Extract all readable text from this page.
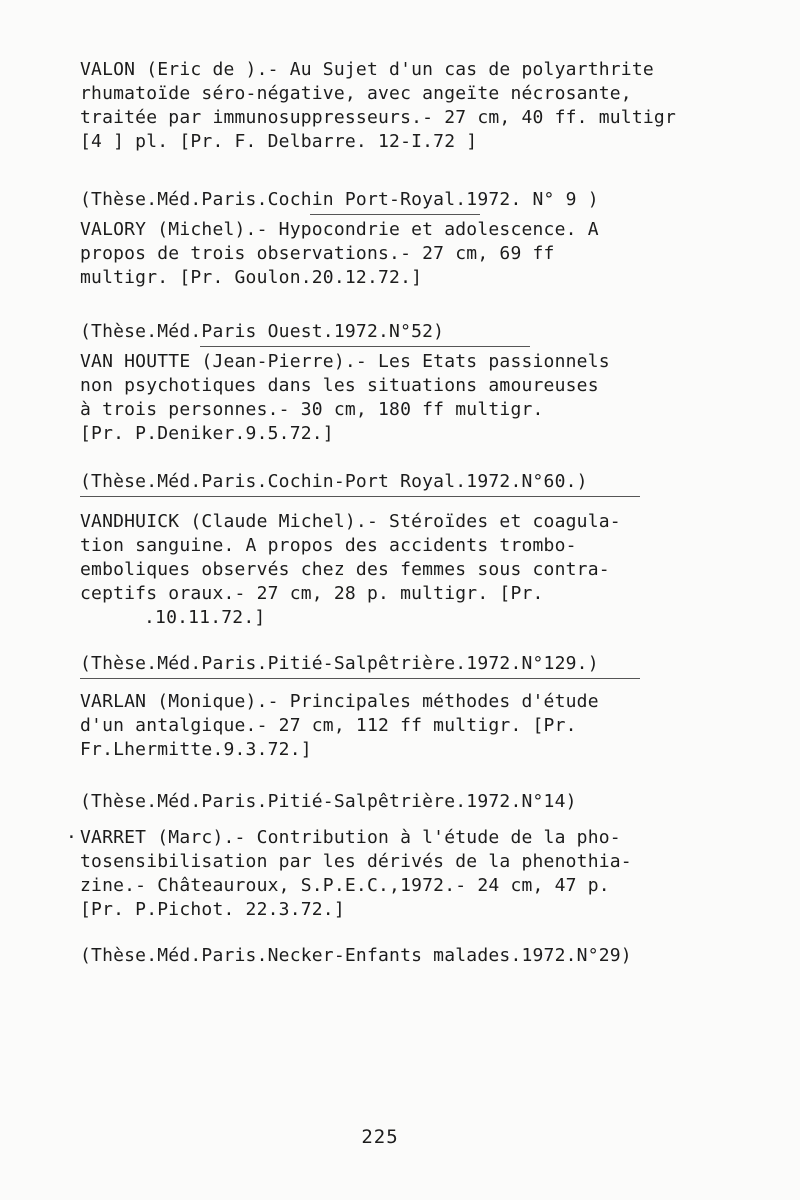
VALON (Eric de ).- Au Sujet d'un cas de polyarthrite
rhumatoïde séro-négative, avec angeïte nécrosante,
traitée par immunosuppresseurs.- 27 cm, 40 ff. multigr
[4 ] pl. [Pr. F. Delbarre. 12-I.72 ]
(Thèse.Méd.Paris.Cochin Port-Royal.1972. N° 9 )
VALORY (Michel).- Hypocondrie et adolescence. A
propos de trois observations.- 27 cm, 69 ff
multigr. [Pr. Goulon.20.12.72.]
(Thèse.Méd.Paris Ouest.1972.N°52)
VAN HOUTTE (Jean-Pierre).- Les Etats passionnels
non psychotiques dans les situations amoureuses
à trois personnes.- 30 cm, 180 ff multigr.
[Pr. P.Deniker.9.5.72.]
(Thèse.Méd.Paris.Cochin-Port Royal.1972.N°60.)
VANDHUICK (Claude Michel).- Stéroïdes et coagula-
tion sanguine. A propos des accidents trombo-
emboliques observés chez des femmes sous contra-
ceptifs oraux.- 27 cm, 28 p. multigr. [Pr.
.10.11.72.]
(Thèse.Méd.Paris.Pitié-Salpêtrière.1972.N°129.)
VARLAN (Monique).- Principales méthodes d'étude
d'un antalgique.- 27 cm, 112 ff multigr. [Pr.
Fr.Lhermitte.9.3.72.]
(Thèse.Méd.Paris.Pitié-Salpêtrière.1972.N°14)
· VARRET (Marc).- Contribution à l'étude de la pho-
tosensibilisation par les dérivés de la phenothia-
zine.- Châteauroux, S.P.E.C.,1972.- 24 cm, 47 p.
[Pr. P.Pichot. 22.3.72.]
(Thèse.Méd.Paris.Necker-Enfants malades.1972.N°29)
225
